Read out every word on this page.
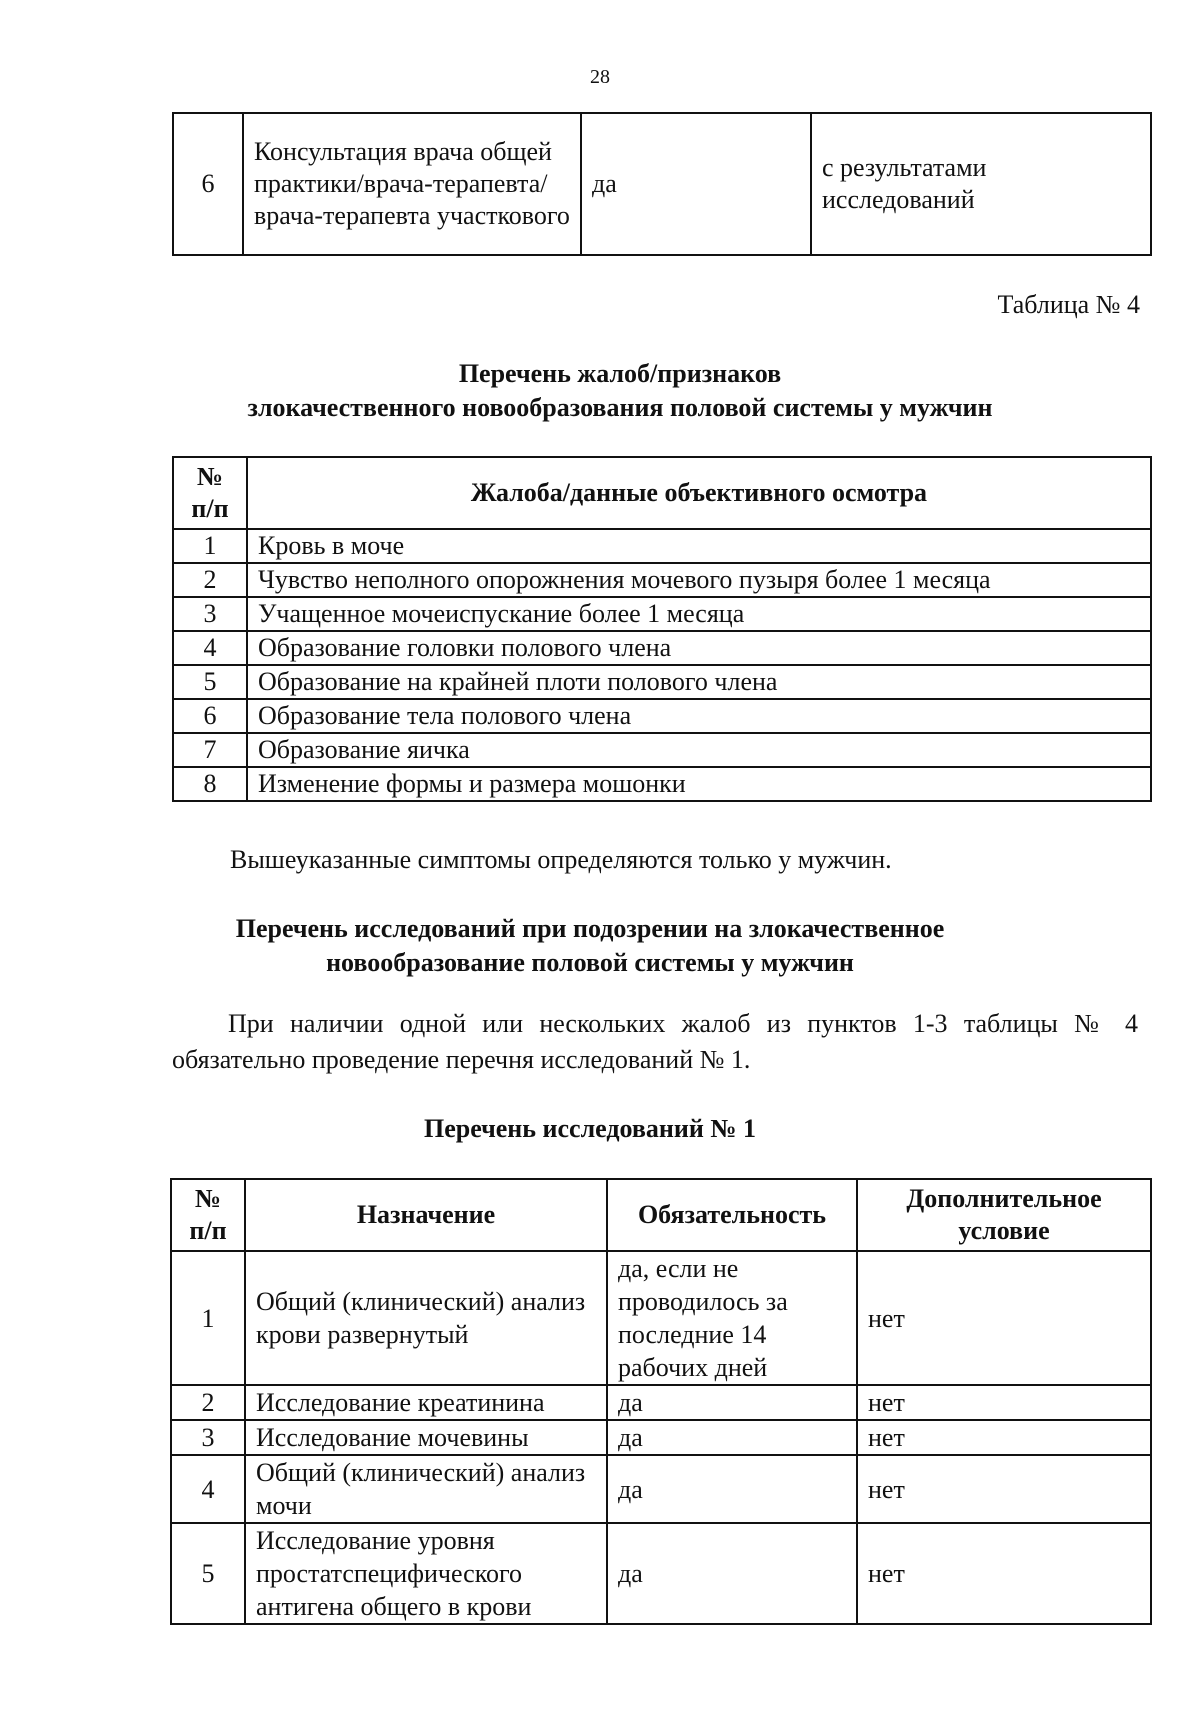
28
6	Консультация врача общей практики/врача-терапевта/врача-терапевта участкового	да	с результатами исследований
Таблица № 4
Перечень жалоб/признаков
злокачественного новообразования половой системы у мужчин
№ п/п	Жалоба/данные объективного осмотра
1	Кровь в моче
2	Чувство неполного опорожнения мочевого пузыря более 1 месяца
3	Учащенное мочеиспускание более 1 месяца
4	Образование головки полового члена
5	Образование на крайней плоти полового члена
6	Образование тела полового члена
7	Образование яичка
8	Изменение формы и размера мошонки
Вышеуказанные симптомы определяются только у мужчин.
Перечень исследований при подозрении на злокачественное
новообразование половой системы у мужчин
При наличии одной или нескольких жалоб из пунктов 1-3 таблицы № 4 обязательно проведение перечня исследований № 1.
Перечень исследований № 1
№ п/п	Назначение	Обязательность	Дополнительное условие
1	Общий (клинический) анализ крови развернутый	да, если не проводилось за последние 14 рабочих дней	нет
2	Исследование креатинина	да	нет
3	Исследование мочевины	да	нет
4	Общий (клинический) анализ мочи	да	нет
5	Исследование уровня простатспецифического антигена общего в крови	да	нет
